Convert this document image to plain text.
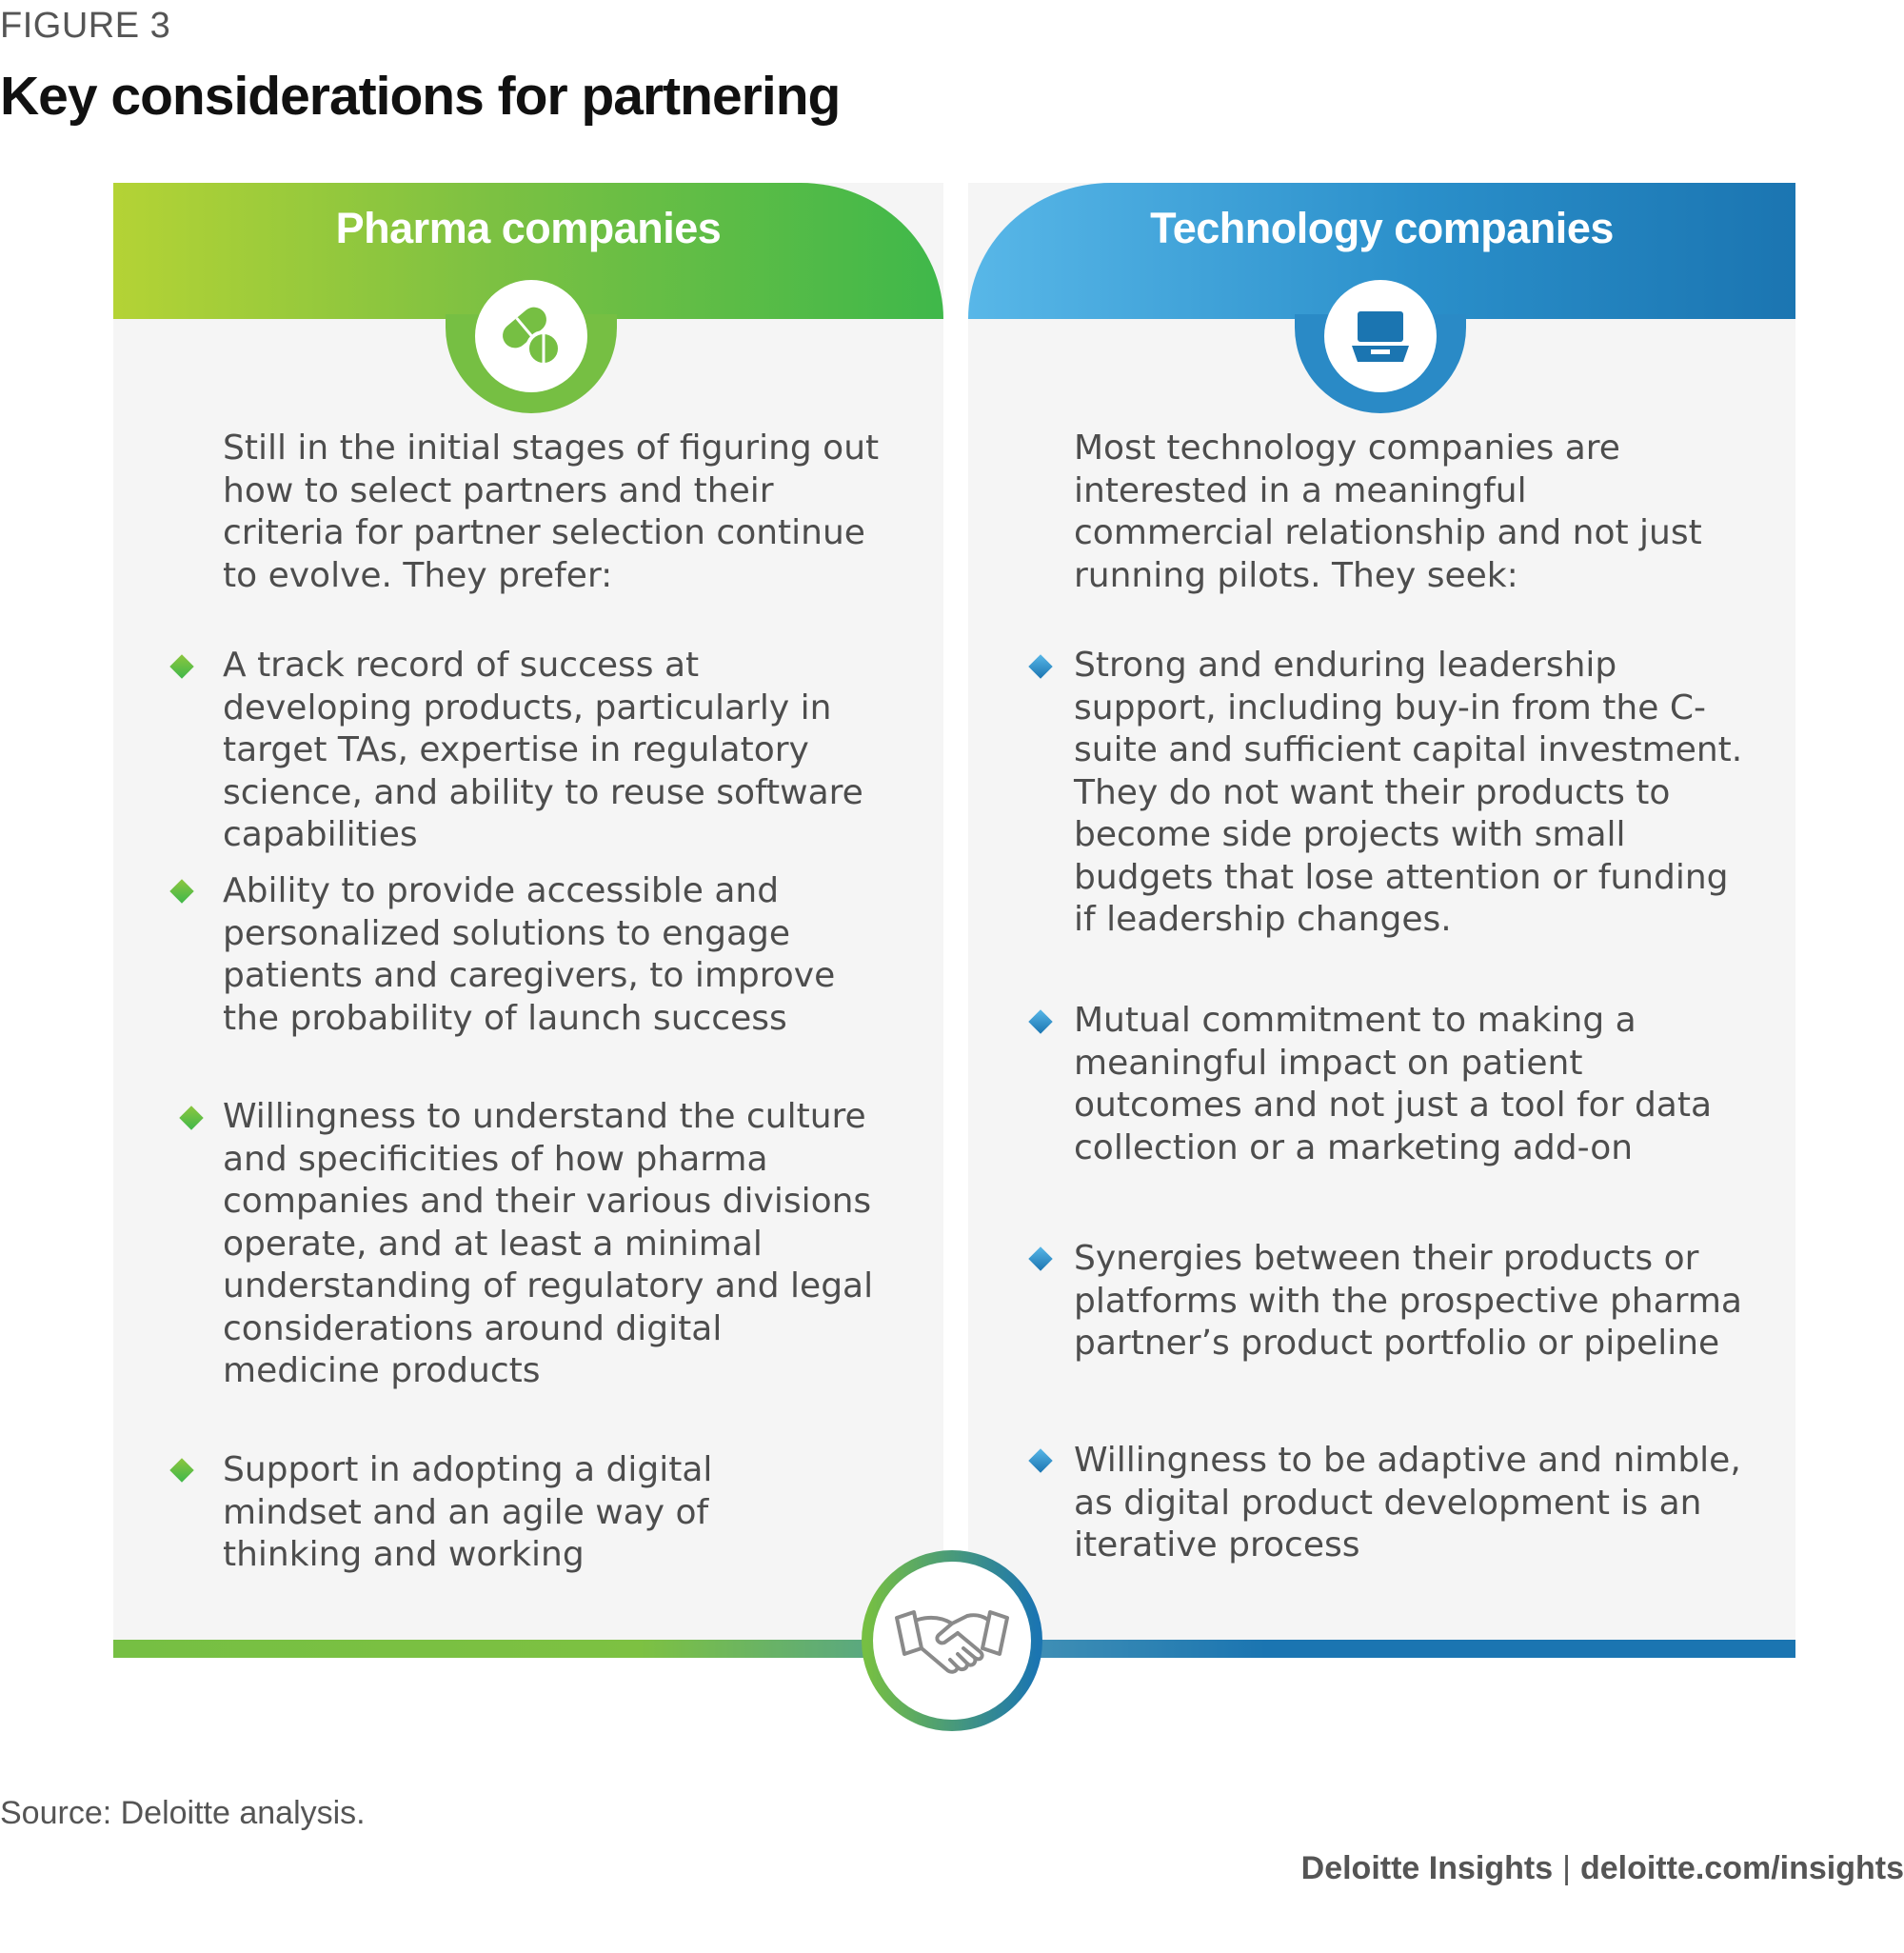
FIGURE 3
Key considerations for partnering
Pharma companies	Technology companies

Still in the initial stages of figuring out how to select partners and their criteria for partner selection continue to evolve. They prefer:

A track record of success at developing products, particularly in target TAs, expertise in regulatory science, and ability to reuse software capabilities

Ability to provide accessible and personalized solutions to engage patients and caregivers, to improve the probability of launch success

Willingness to understand the culture and specificities of how pharma companies and their various divisions operate, and at least a minimal understanding of regulatory and legal considerations around digital medicine products

Support in adopting a digital mindset and an agile way of thinking and working

Most technology companies are interested in a meaningful commercial relationship and not just running pilots. They seek:

Strong and enduring leadership support, including buy-in from the C-suite and sufficient capital investment. They do not want their products to become side projects with small budgets that lose attention or funding if leadership changes.

Mutual commitment to making a meaningful impact on patient outcomes and not just a tool for data collection or a marketing add-on

Synergies between their products or platforms with the prospective pharma partner’s product portfolio or pipeline

Willingness to be adaptive and nimble, as digital product development is an iterative process

Source: Deloitte analysis.
Deloitte Insights | deloitte.com/insights
